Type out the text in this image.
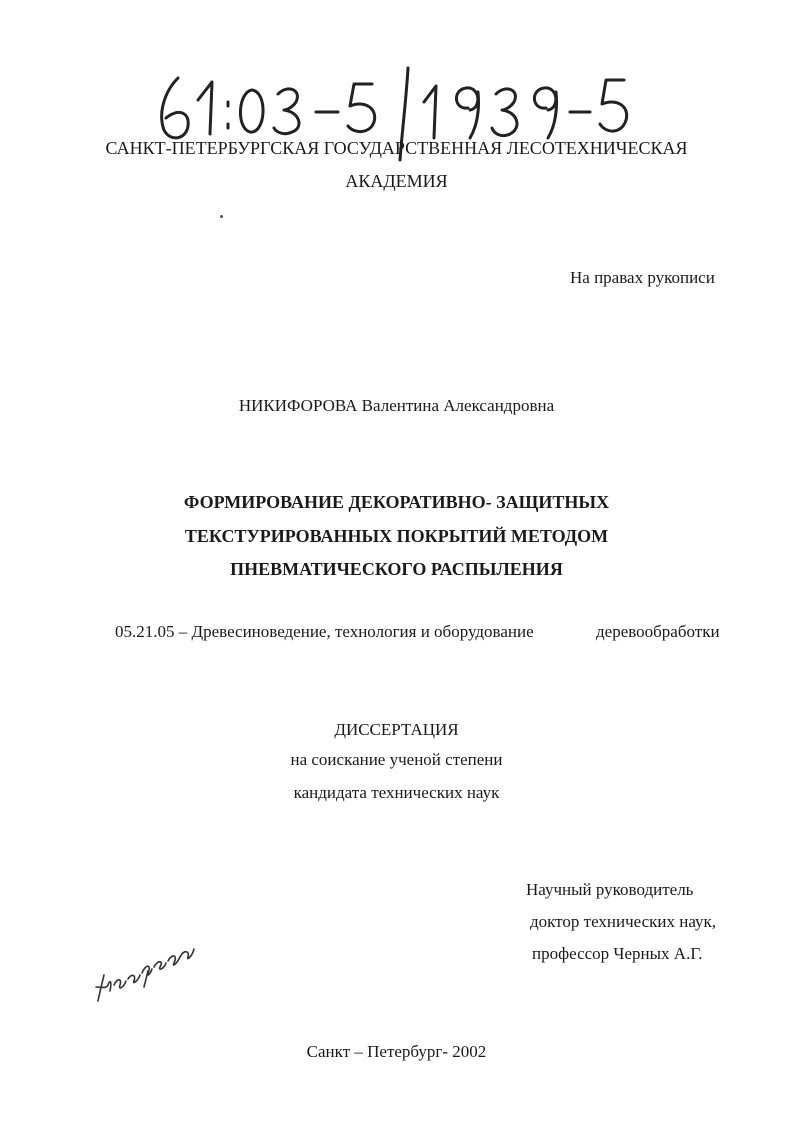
САНКТ-ПЕТЕРБУРГСКАЯ ГОСУДАРСТВЕННАЯ ЛЕСОТЕХНИЧЕСКАЯ
АКАДЕМИЯ
На правах рукописи
НИКИФОРОВА Валентина Александровна
ФОРМИРОВАНИЕ ДЕКОРАТИВНО- ЗАЩИТНЫХ
ТЕКСТУРИРОВАННЫХ ПОКРЫТИЙ МЕТОДОМ
ПНЕВМАТИЧЕСКОГО РАСПЫЛЕНИЯ
05.21.05 – Древесиноведение, технология и оборудование	деревообработки
ДИССЕРТАЦИЯ
на соискание ученой степени
кандидата технических наук
Научный руководитель
доктор технических наук,
профессор Черных А.Г.
Санкт – Петербург- 2002
